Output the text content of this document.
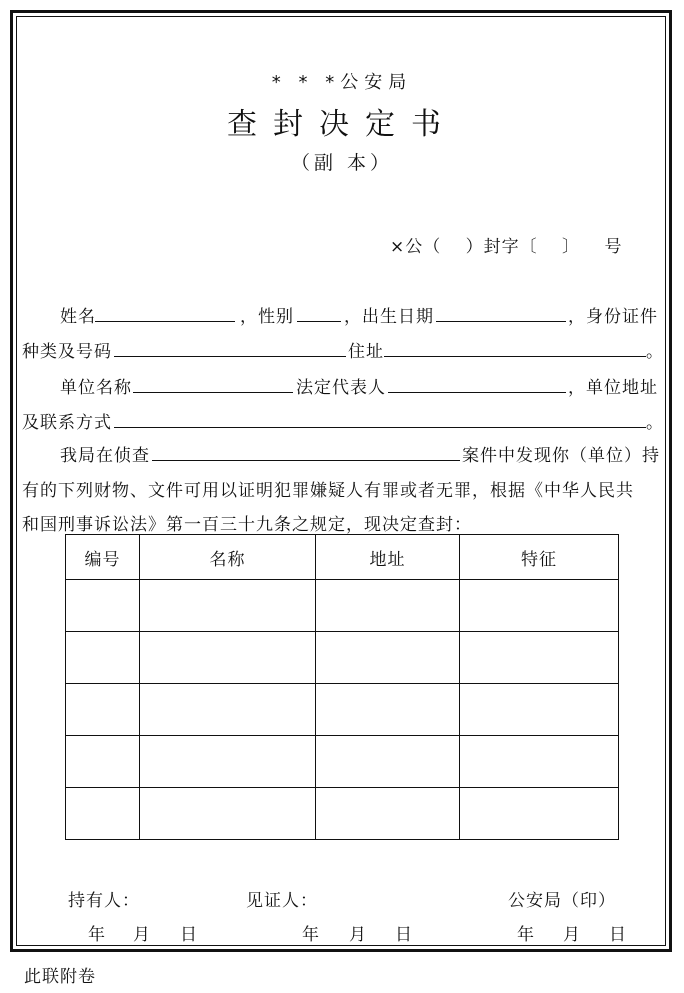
* * *公安局
查封决定书
（副 本）
×公（ ）封字〔 〕 号
姓名	，性别	，出生日期	，身份证件
种类及号码	住址	。
单位名称	法定代表人	，单位地址
及联系方式	。
我局在侦查	案件中发现你（单位）持
有的下列财物、文件可用以证明犯罪嫌疑人有罪或者无罪，根据《中华人民共
和国刑事诉讼法》第一百三十九条之规定，现决定查封：
编号	名称	地址	特征

持有人：	见证人：	公安局（印）
年 月 日	年 月 日	年 月 日
此联附卷
